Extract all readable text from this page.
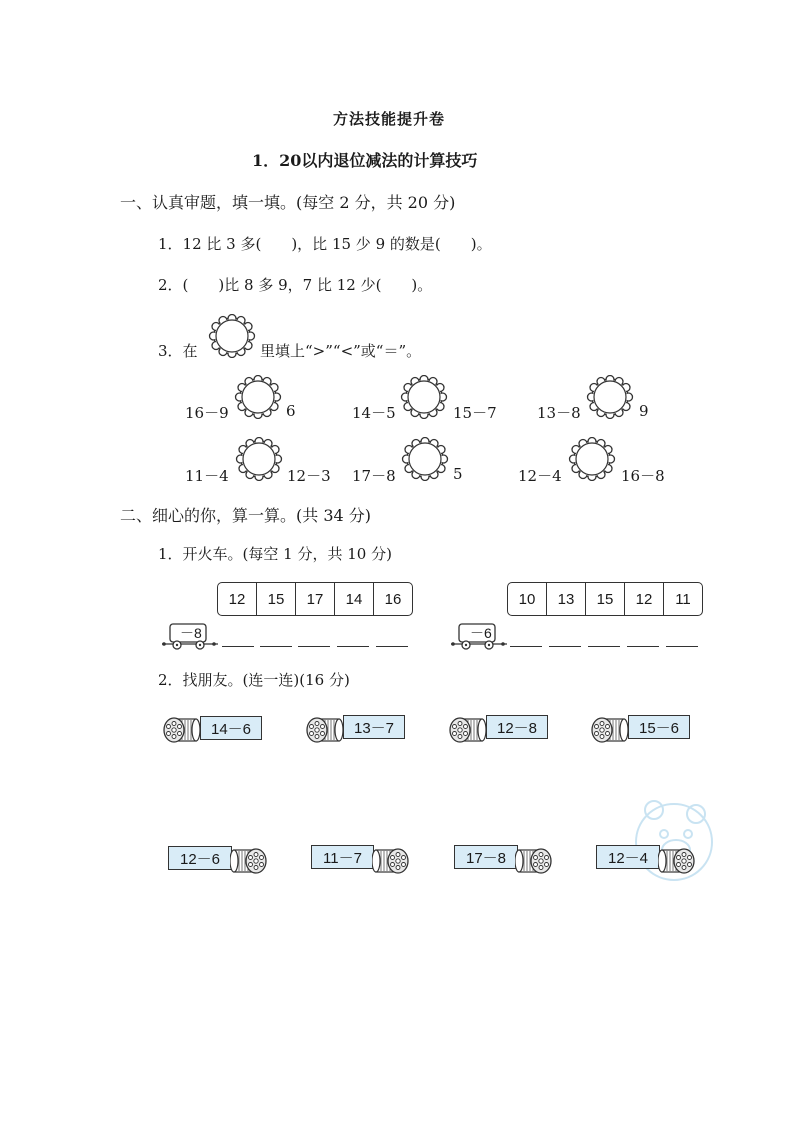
方法技能提升卷
1．20以内退位减法的计算技巧
一、认真审题，填一填。(每空 2 分，共 20 分)
1．12 比 3 多(　　)，比 15 少 9 的数是(　　)。
2．(　　)比 8 多 9，7 比 12 少(　　)。
3．在	里填上“>”“<”或“＝”。
16－9	6	14－5	15－7	13－8	9
11－4	12－3 17－8	5	12－4	16－8
二、细心的你，算一算。(共 34 分)
1．开火车。(每空 1 分，共 10 分)
12	15	17	14	16
－8
10	13	15	12	11
－6
2．找朋友。(连一连)(16 分)
14－6	13－7	12－8	15－6
12－6	11－7	17－8	12－4
